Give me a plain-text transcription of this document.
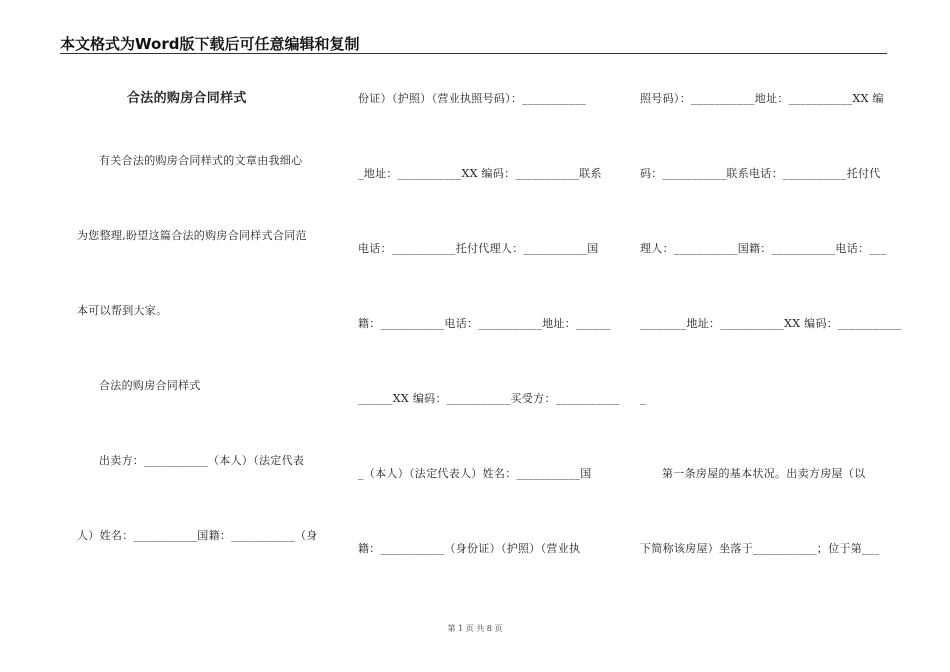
本文格式为Word版下载后可任意编辑和复制
合法的购房合同样式
有关合法的购房合同样式的文章由我细心
为您整理,盼望这篇合法的购房合同样式合同范
本可以帮到大家。
合法的购房合同样式
出卖方：___________（本人）（法定代表
人）姓名：___________国籍：___________（身
份证）（护照）（营业执照号码）：___________
_地址：___________XX 编码：___________联系
电话：___________托付代理人：___________国
籍：___________电话：___________地址：______
______XX 编码：___________买受方：___________
_（本人）（法定代表人）姓名：___________国
籍：___________（身份证）（护照）（营业执
照号码）：___________地址：___________XX 编
码：___________联系电话：___________托付代
理人：___________国籍：___________电话：___
________地址：___________XX 编码：___________
_
第一条房屋的基本状况。出卖方房屋（以
下简称该房屋）坐落于___________；位于第___
第 1 页 共 8 页
